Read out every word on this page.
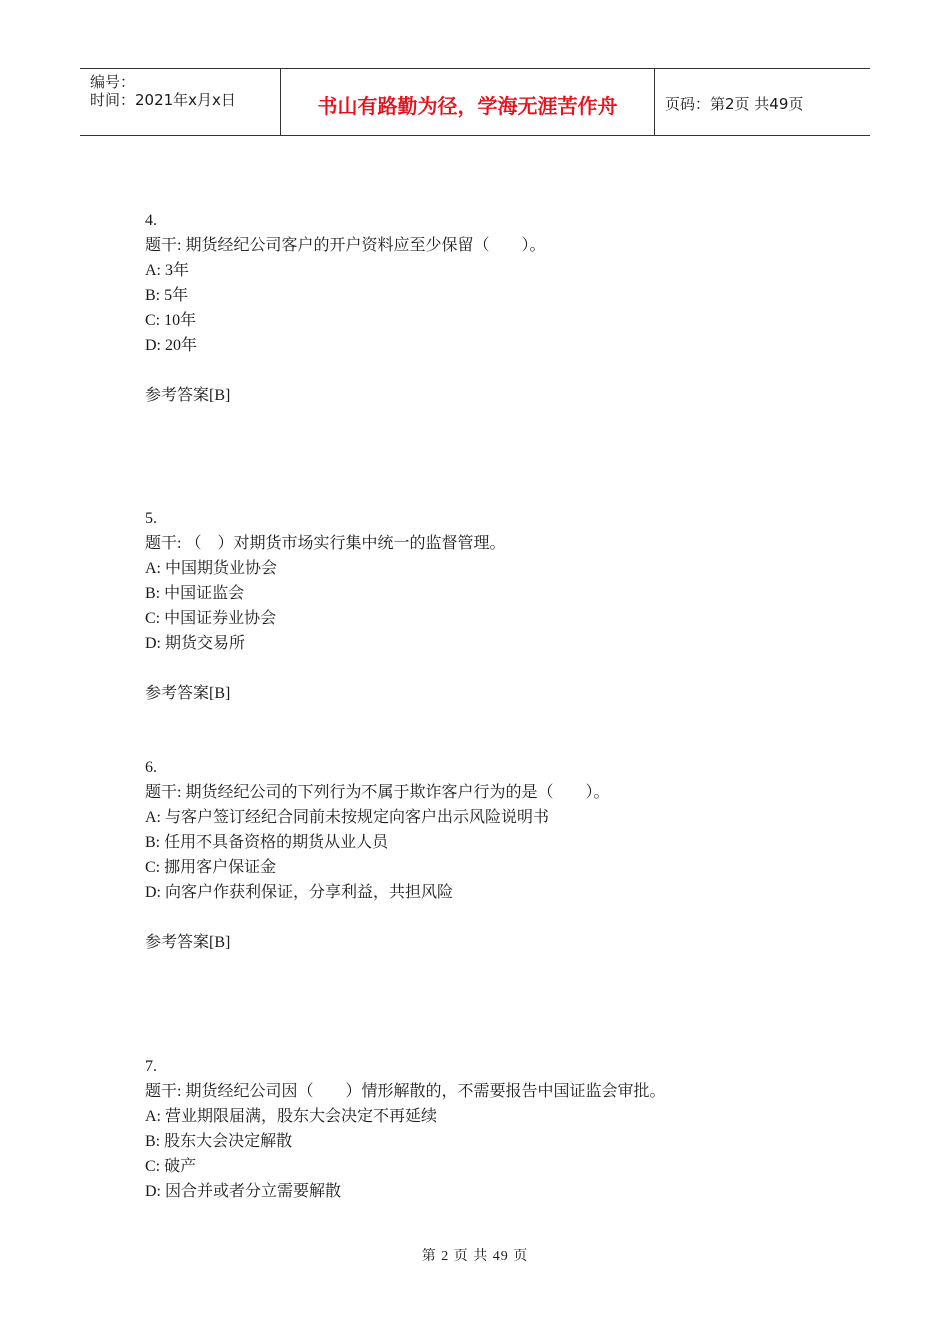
编号：
时间：2021年x月x日	书山有路勤为径，学海无涯苦作舟	页码：第2页 共49页
4.
题干: 期货经纪公司客户的开户资料应至少保留（　　）。
A: 3年
B: 5年
C: 10年
D: 20年
参考答案[B]
5.
题干: （　）对期货市场实行集中统一的监督管理。
A: 中国期货业协会
B: 中国证监会
C: 中国证券业协会
D: 期货交易所
参考答案[B]
6.
题干: 期货经纪公司的下列行为不属于欺诈客户行为的是（　　）。
A: 与客户签订经纪合同前未按规定向客户出示风险说明书
B: 任用不具备资格的期货从业人员
C: 挪用客户保证金
D: 向客户作获利保证，分享利益，共担风险
参考答案[B]
7.
题干: 期货经纪公司因（　　）情形解散的，不需要报告中国证监会审批。
A: 营业期限届满，股东大会决定不再延续
B: 股东大会决定解散
C: 破产
D: 因合并或者分立需要解散
第 2 页 共 49 页
